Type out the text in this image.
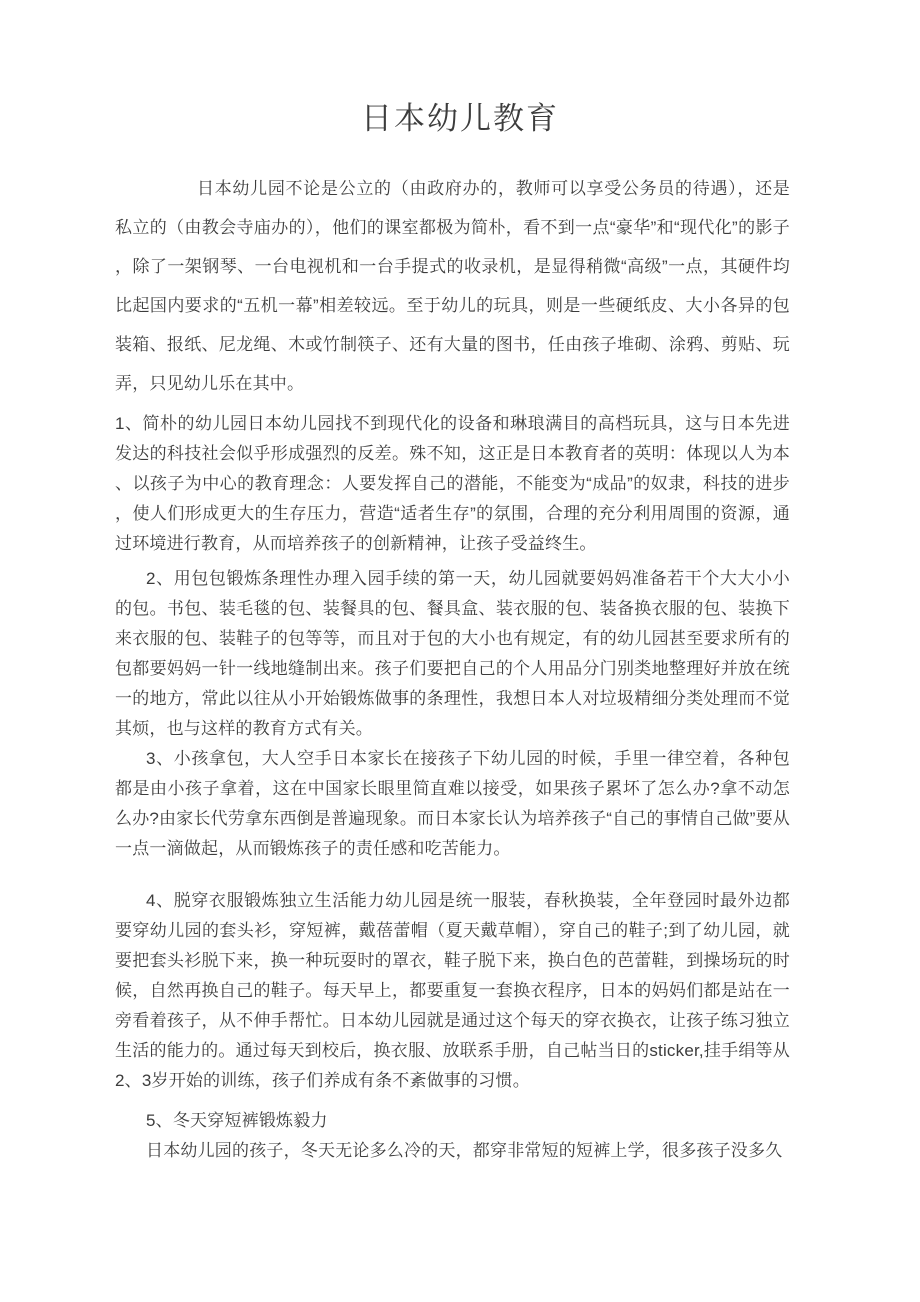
日本幼儿教育

日本幼儿园不论是公立的（由政府办的，教师可以享受公务员的待遇），还是私立的（由教会寺庙办的），他们的课室都极为简朴，看不到一点“豪华”和“现代化”的影子，除了一架钢琴、一台电视机和一台手提式的收录机，是显得稍微“高级”一点，其硬件均比起国内要求的“五机一幕”相差较远。至于幼儿的玩具，则是一些硬纸皮、大小各异的包装箱、报纸、尼龙绳、木或竹制筷子、还有大量的图书，任由孩子堆砌、涂鸦、剪贴、玩弄，只见幼儿乐在其中。

1、简朴的幼儿园日本幼儿园找不到现代化的设备和琳琅满目的高档玩具，这与日本先进发达的科技社会似乎形成强烈的反差。殊不知，这正是日本教育者的英明：体现以人为本、以孩子为中心的教育理念：人要发挥自己的潜能，不能变为“成品”的奴隶，科技的进步，使人们形成更大的生存压力，营造“适者生存”的氛围，合理的充分利用周围的资源，通过环境进行教育，从而培养孩子的创新精神，让孩子受益终生。

2、用包包锻炼条理性办理入园手续的第一天，幼儿园就要妈妈准备若干个大大小小的包。书包、装毛毯的包、装餐具的包、餐具盒、装衣服的包、装备换衣服的包、装换下来衣服的包、装鞋子的包等等，而且对于包的大小也有规定，有的幼儿园甚至要求所有的包都要妈妈一针一线地缝制出来。孩子们要把自己的个人用品分门别类地整理好并放在统一的地方，常此以往从小开始锻炼做事的条理性，我想日本人对垃圾精细分类处理而不觉其烦，也与这样的教育方式有关。

3、小孩拿包，大人空手日本家长在接孩子下幼儿园的时候，手里一律空着，各种包都是由小孩子拿着，这在中国家长眼里简直难以接受，如果孩子累坏了怎么办?拿不动怎么办?由家长代劳拿东西倒是普遍现象。而日本家长认为培养孩子“自己的事情自己做”要从一点一滴做起，从而锻炼孩子的责任感和吃苦能力。

4、脱穿衣服锻炼独立生活能力幼儿园是统一服装，春秋换装，全年登园时最外边都要穿幼儿园的套头衫，穿短裤，戴蓓蕾帽（夏天戴草帽），穿自己的鞋子;到了幼儿园，就要把套头衫脱下来，换一种玩耍时的罩衣，鞋子脱下来，换白色的芭蕾鞋，到操场玩的时候，自然再换自己的鞋子。每天早上，都要重复一套换衣程序，日本的妈妈们都是站在一旁看着孩子，从不伸手帮忙。日本幼儿园就是通过这个每天的穿衣换衣，让孩子练习独立生活的能力的。通过每天到校后，换衣服、放联系手册，自己帖当日的sticker,挂手绢等从2、3岁开始的训练，孩子们养成有条不紊做事的习惯。

5、冬天穿短裤锻炼毅力

日本幼儿园的孩子，冬天无论多么冷的天，都穿非常短的短裤上学，很多孩子没多久
